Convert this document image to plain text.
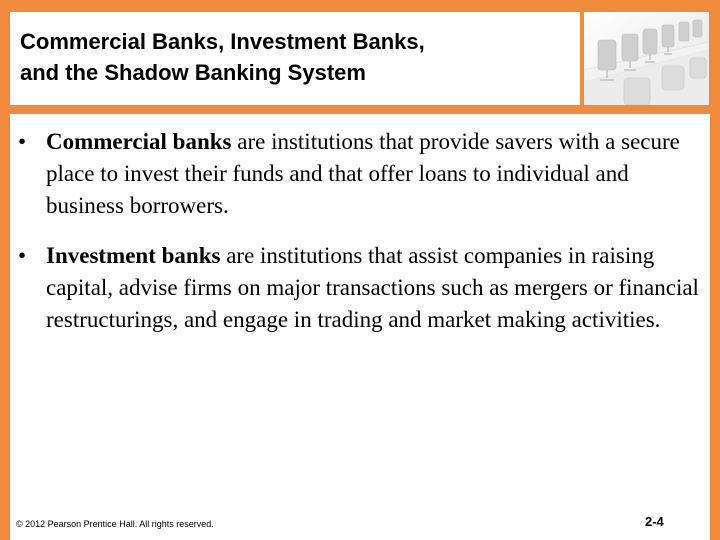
Commercial Banks, Investment Banks,
and the Shadow Banking System
• Commercial banks are institutions that provide savers with a secure place to invest their funds and that offer loans to individual and business borrowers.
• Investment banks are institutions that assist companies in raising capital, advise firms on major transactions such as mergers or financial restructurings, and engage in trading and market making activities.
© 2012 Pearson Prentice Hall. All rights reserved.	2-4
